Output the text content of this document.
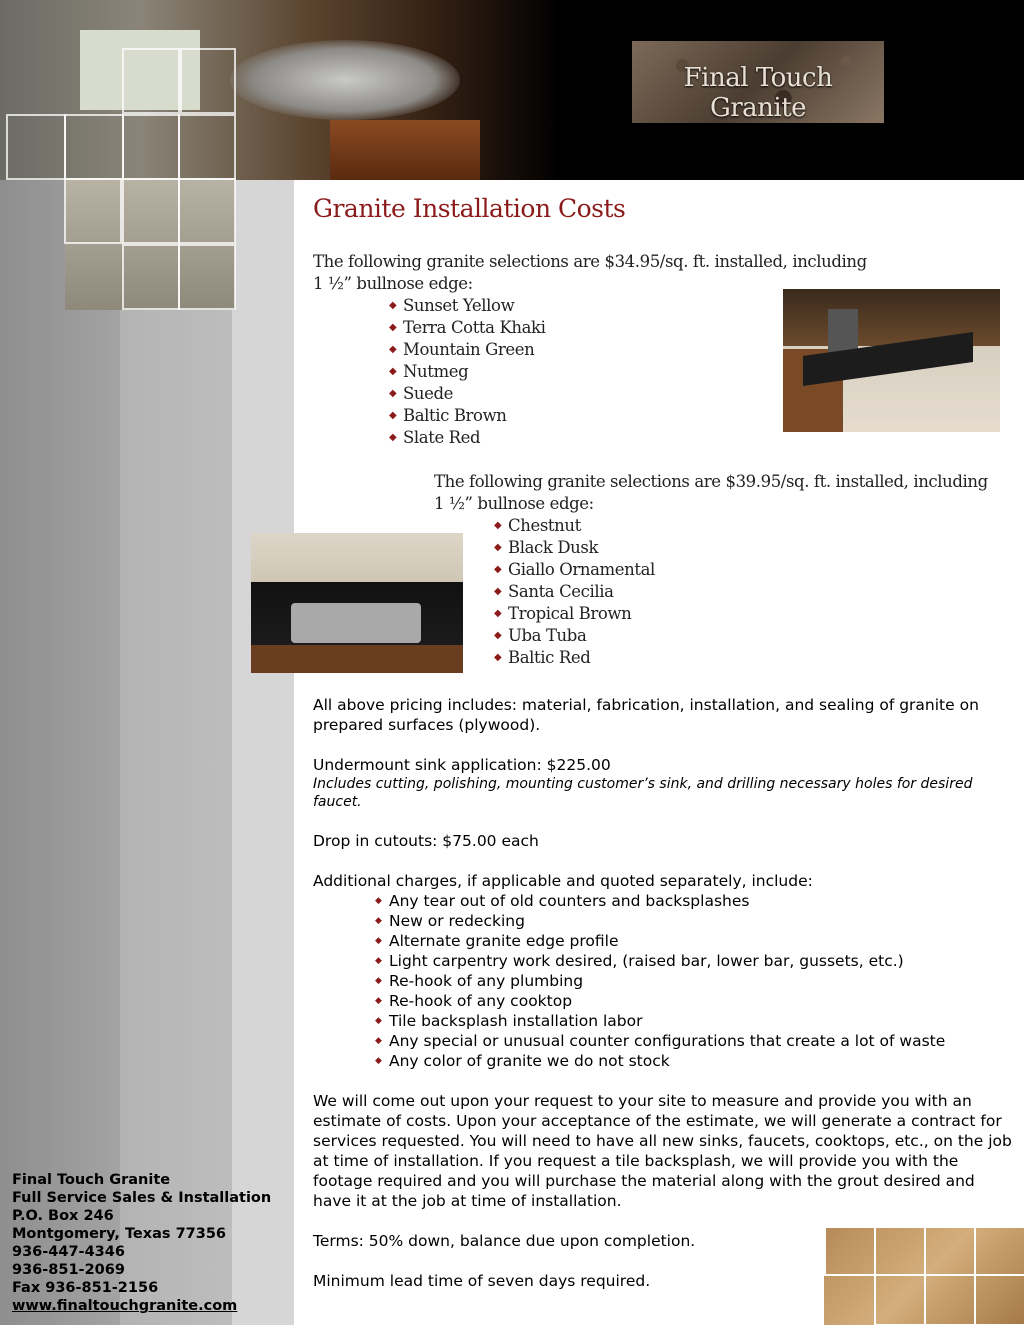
Final Touch Granite
Granite Installation Costs
The following granite selections are $34.95/sq. ft. installed, including
1 ½” bullnose edge:
◆ Sunset Yellow
◆ Terra Cotta Khaki
◆ Mountain Green
◆ Nutmeg
◆ Suede
◆ Baltic Brown
◆ Slate Red
The following granite selections are $39.95/sq. ft. installed, including
1 ½” bullnose edge:
◆ Chestnut
◆ Black Dusk
◆ Giallo Ornamental
◆ Santa Cecilia
◆ Tropical Brown
◆ Uba Tuba
◆ Baltic Red

All above pricing includes: material, fabrication, installation, and sealing of granite on prepared surfaces (plywood).

Undermount sink application: $225.00

Includes cutting, polishing, mounting customer’s sink, and drilling necessary holes for desired faucet.

Drop in cutouts: $75.00 each

Additional charges, if applicable and quoted separately, include:

◆ Any tear out of old counters and backsplashes
◆ New or redecking
◆ Alternate granite edge profile
◆ Light carpentry work desired, (raised bar, lower bar, gussets, etc.)
◆ Re-hook of any plumbing
◆ Re-hook of any cooktop
◆ Tile backsplash installation labor
◆ Any special or unusual counter configurations that create a lot of waste
◆ Any color of granite we do not stock

We will come out upon your request to your site to measure and provide you with an estimate of costs. Upon your acceptance of the estimate, we will generate a contract for services requested. You will need to have all new sinks, faucets, cooktops, etc., on the job at time of installation. If you request a tile backsplash, we will provide you with the footage required and you will purchase the material along with the grout desired and have it at the job at time of installation.

Terms: 50% down, balance due upon completion.

Minimum lead time of seven days required.

Final Touch Granite
Full Service Sales & Installation
P.O. Box 246
Montgomery, Texas 77356
936-447-4346
936-851-2069
Fax 936-851-2156
www.finaltouchgranite.com
